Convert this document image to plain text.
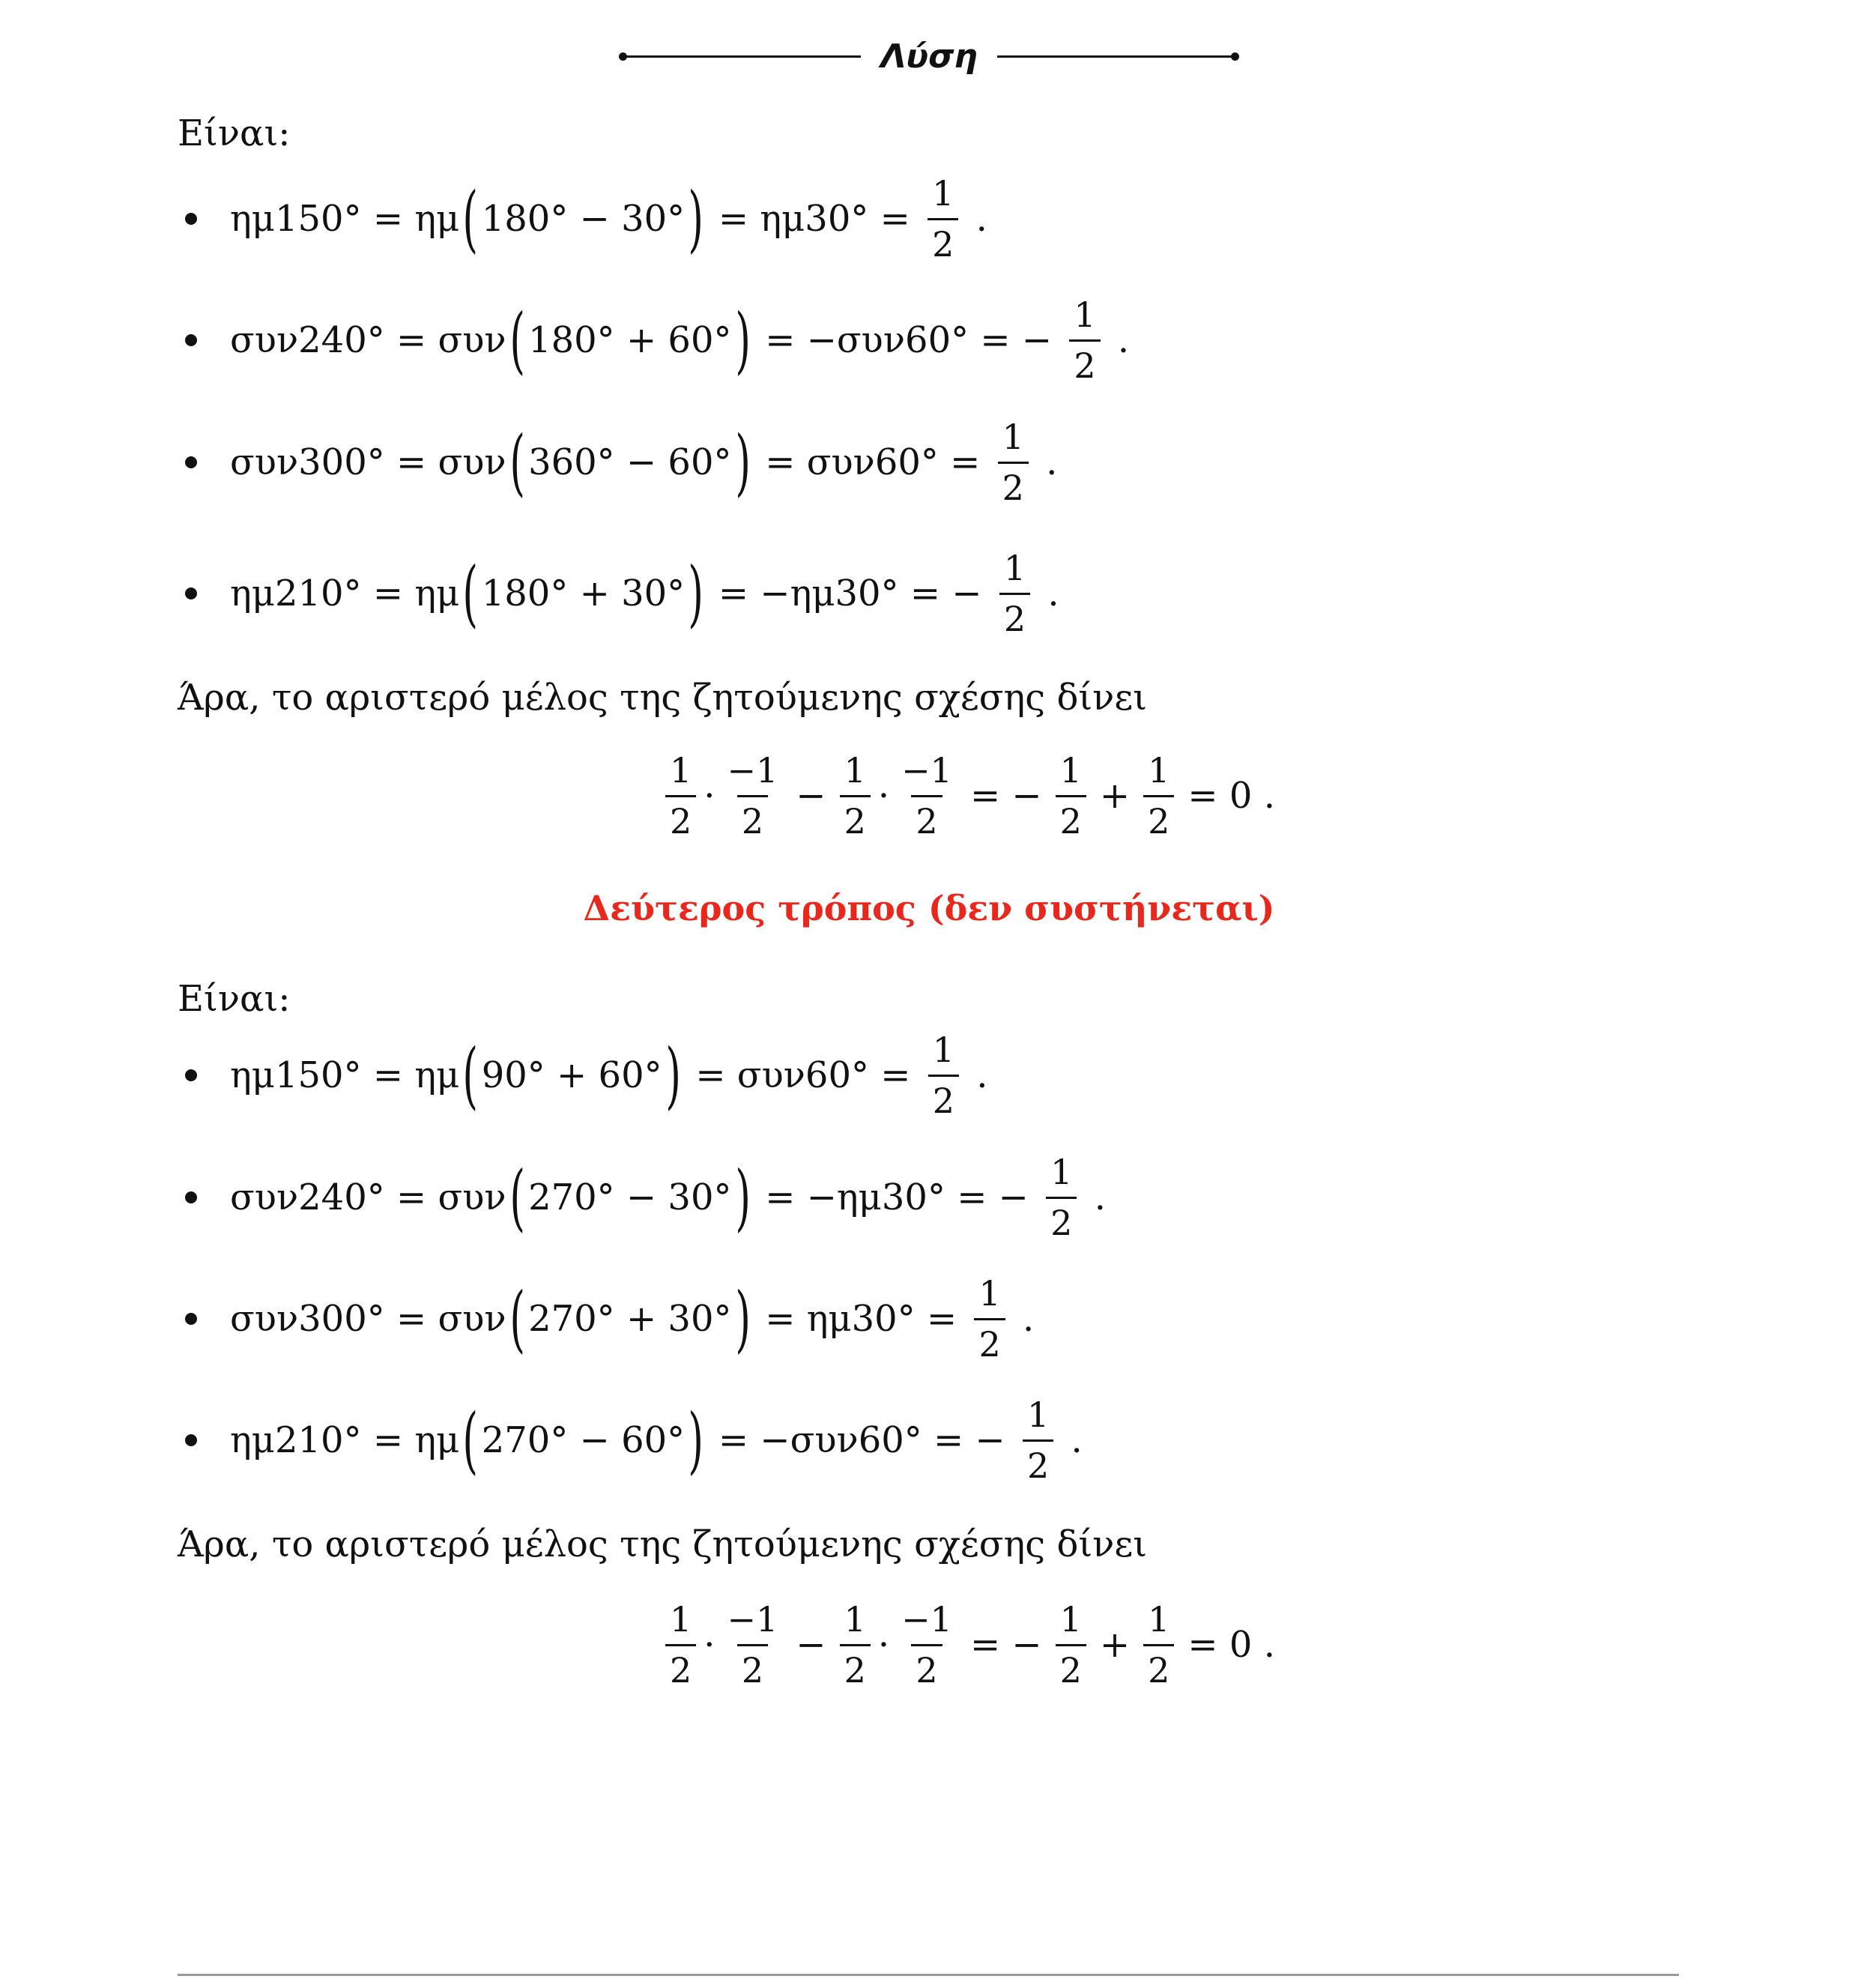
Λύση
Είναι:
ημ150 ° = ημ ( 180° − 30° ) = $\eta\mu 30^\circ = \frac{1}{2}$ .
συν240 ° = συν ( 180° + 60° ) = −συν60° = − $\frac{1}{2}$ .
συν300 ° = συν ( 360° − 60° ) = $\sigma\upsilon\nu 60^\circ = \frac{1}{2}$ .
ημ210 ° = ημ ( 180° + 30° ) = −ημ30° = − $\frac{1}{2}$ .
Άρα, το αριστερό μέλος της ζητούμενης σχέσης δίνει
$\frac{1}{2} \cdot \frac{-1}{2} - \frac{1}{2} \cdot \frac{-1}{2}$ = − $\frac{1}{2} + \frac{1}{2} = 0$ .
Δεύτερος τρόπος (δεν συστήνεται)
Είναι:
ημ150 ° = ημ ( 90° + 60° ) = $\sigma\upsilon\nu 60^\circ = \frac{1}{2}$ .
συν240 ° = συν ( 270° − 30° ) = −ημ30° = − $\frac{1}{2}$ .
συν300 ° = συν ( 270° + 30° ) = $\eta\mu 30^\circ = \frac{1}{2}$ .
ημ210 ° = ημ ( 270° − 60° ) = −συν60° = − $\frac{1}{2}$ .
Άρα, το αριστερό μέλος της ζητούμενης σχέσης δίνει
$\frac{1}{2} \cdot \frac{-1}{2} - \frac{1}{2} \cdot \frac{-1}{2}$ = − $\frac{1}{2} + \frac{1}{2} = 0$ .
